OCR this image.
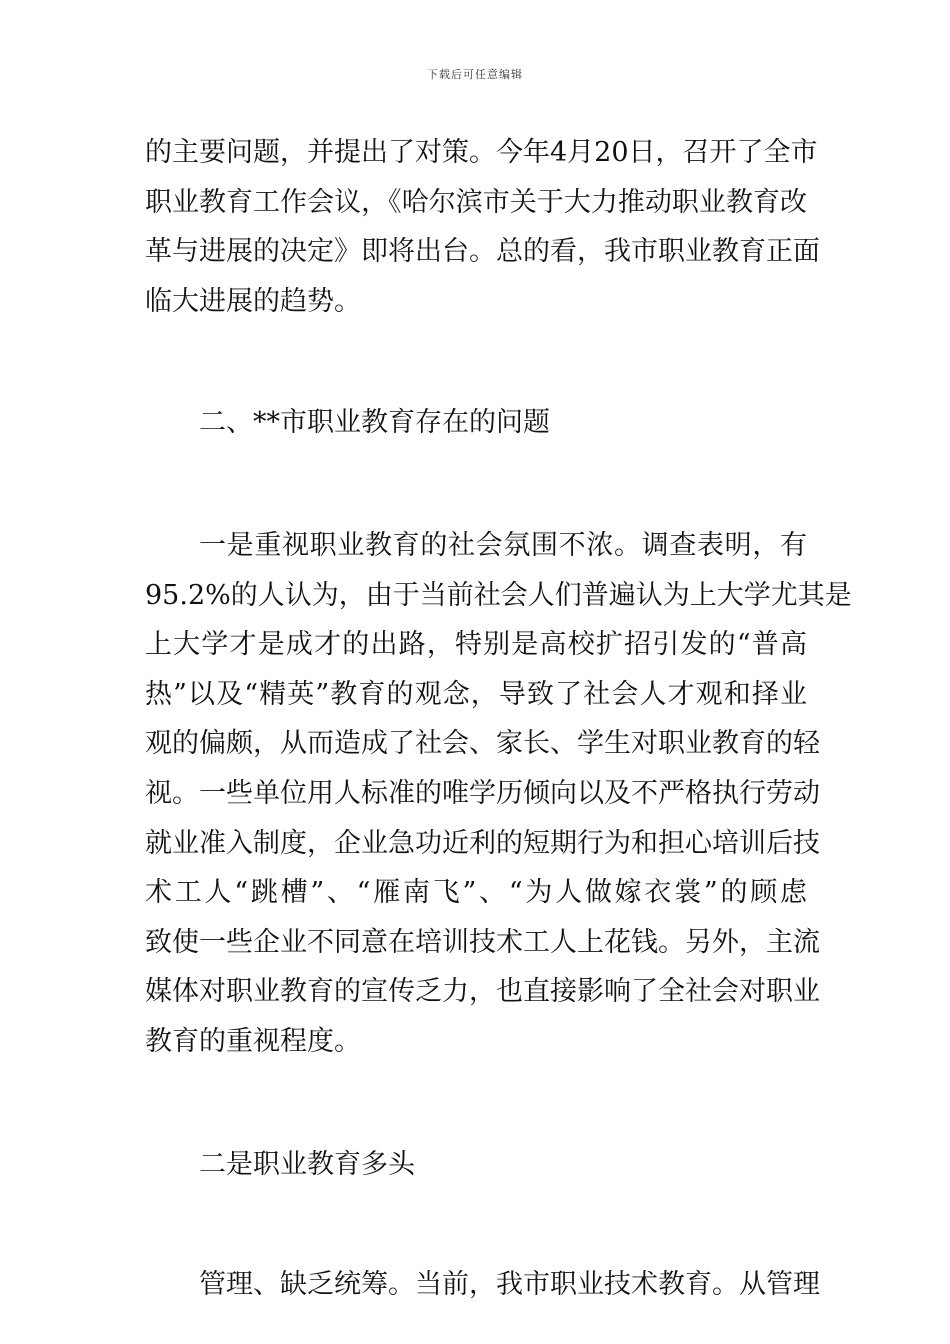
下载后可任意编辑
的主要问题，并提出了对策。今年4月20日，召开了全市
职业教育工作会议，《哈尔滨市关于大力推动职业教育改
革与进展的决定》即将出台。总的看，我市职业教育正面
临大进展的趋势。
二、**市职业教育存在的问题
一是重视职业教育的社会氛围不浓。调查表明，有
95.2%的人认为，由于当前社会人们普遍认为上大学尤其是
上大学才是成才的出路，特别是高校扩招引发的“普高
热”以及“精英”教育的观念，导致了社会人才观和择业
观的偏颇，从而造成了社会、家长、学生对职业教育的轻
视。一些单位用人标准的唯学历倾向以及不严格执行劳动
就业准入制度，企业急功近利的短期行为和担心培训后技
术工人“跳槽”、“雁南飞”、“为人做嫁衣裳”的顾虑
致使一些企业不同意在培训技术工人上花钱。另外，主流
媒体对职业教育的宣传乏力，也直接影响了全社会对职业
教育的重视程度。
二是职业教育多头
管理、缺乏统筹。当前，我市职业技术教育。从管理
